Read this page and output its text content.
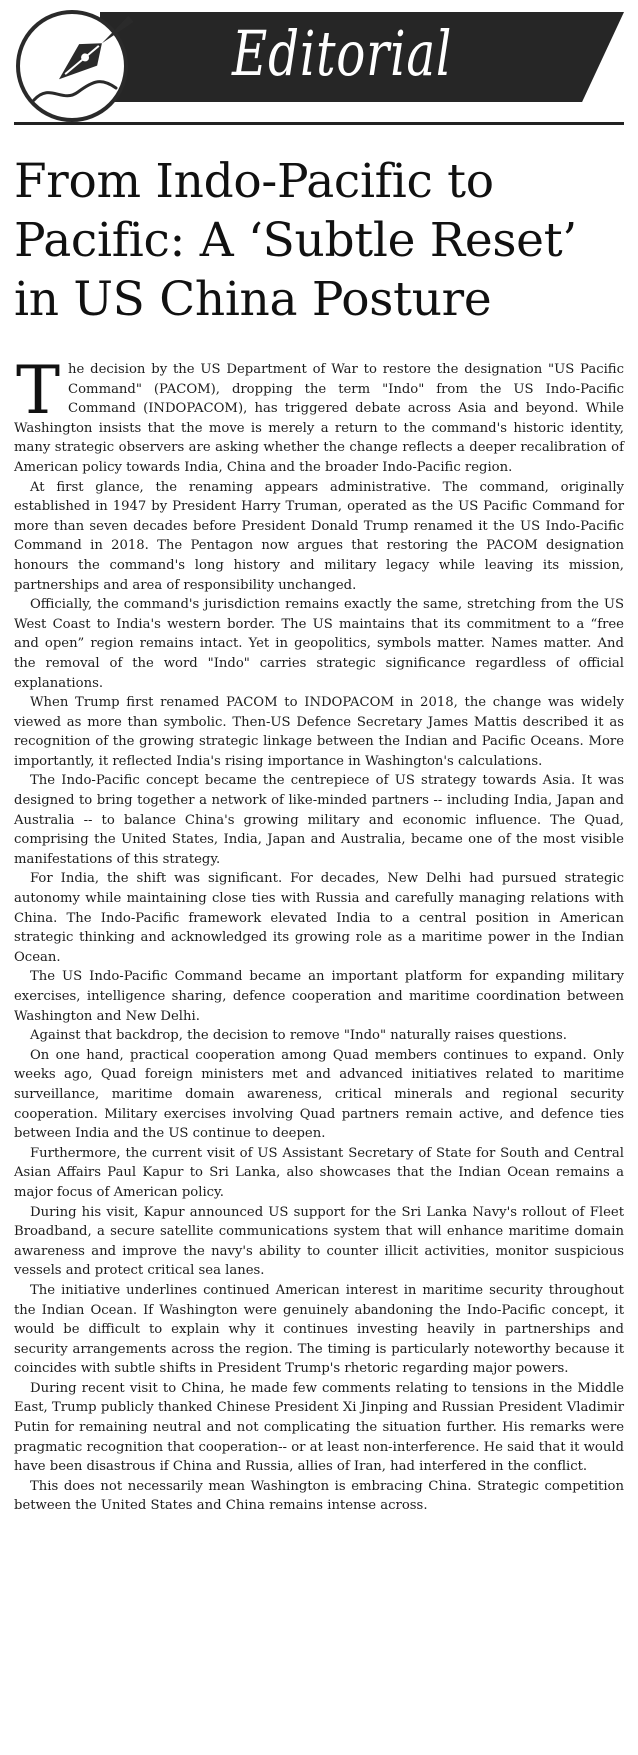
Editorial
From Indo-Pacific to
Pacific: A ‘Subtle Reset’
in US China Posture

The decision by the US Department of War to restore the designation "US Pacific Command" (PACOM), dropping the term "Indo" from the US Indo-Pacific Command (INDOPACOM), has triggered debate across Asia and beyond. While Washington insists that the move is merely a return to the command's historic identity, many strategic observers are asking whether the change reflects a deeper recalibration of American policy towards India, China and the broader Indo-Pacific region.

At first glance, the renaming appears administrative. The command, originally established in 1947 by President Harry Truman, operated as the US Pacific Command for more than seven decades before President Donald Trump renamed it the US Indo-Pacific Command in 2018. The Pentagon now argues that restoring the PACOM designation honours the command's long history and military legacy while leaving its mission, partnerships and area of responsibility unchanged.

Officially, the command's jurisdiction remains exactly the same, stretching from the US West Coast to India's western border. The US maintains that its commitment to a “free and open” region remains intact. Yet in geopolitics, symbols matter. Names matter. And the removal of the word "Indo" carries strategic significance regardless of official explanations.

When Trump first renamed PACOM to INDOPACOM in 2018, the change was widely viewed as more than symbolic. Then-US Defence Secretary James Mattis described it as recognition of the growing strategic linkage between the Indian and Pacific Oceans. More importantly, it reflected India's rising importance in Washington's calculations.

The Indo-Pacific concept became the centrepiece of US strategy towards Asia. It was designed to bring together a network of like-minded partners -- including India, Japan and Australia -- to balance China's growing military and economic influence. The Quad, comprising the United States, India, Japan and Australia, became one of the most visible manifestations of this strategy.

For India, the shift was significant. For decades, New Delhi had pursued strategic autonomy while maintaining close ties with Russia and carefully managing relations with China. The Indo-Pacific framework elevated India to a central position in American strategic thinking and acknowledged its growing role as a maritime power in the Indian Ocean.

The US Indo-Pacific Command became an important platform for expanding military exercises, intelligence sharing, defence cooperation and maritime coordination between Washington and New Delhi.

Against that backdrop, the decision to remove "Indo" naturally raises questions.

On one hand, practical cooperation among Quad members continues to expand. Only weeks ago, Quad foreign ministers met and advanced initiatives related to maritime surveillance, maritime domain awareness, critical minerals and regional security cooperation. Military exercises involving Quad partners remain active, and defence ties between India and the US continue to deepen.

Furthermore, the current visit of US Assistant Secretary of State for South and Central Asian Affairs Paul Kapur to Sri Lanka, also showcases that the Indian Ocean remains a major focus of American policy.

During his visit, Kapur announced US support for the Sri Lanka Navy's rollout of Fleet Broadband, a secure satellite communications system that will enhance maritime domain awareness and improve the navy's ability to counter illicit activities, monitor suspicious vessels and protect critical sea lanes.

The initiative underlines continued American interest in maritime security throughout the Indian Ocean. If Washington were genuinely abandoning the Indo-Pacific concept, it would be difficult to explain why it continues investing heavily in partnerships and security arrangements across the region. The timing is particularly noteworthy because it coincides with subtle shifts in President Trump's rhetoric regarding major powers.

During recent visit to China, he made few comments relating to tensions in the Middle East, Trump publicly thanked Chinese President Xi Jinping and Russian President Vladimir Putin for remaining neutral and not complicating the situation further. His remarks were pragmatic recognition that cooperation-- or at least non-interference. He said that it would have been disastrous if China and Russia, allies of Iran, had interfered in the conflict.

This does not necessarily mean Washington is embracing China. Strategic competition between the United States and China remains intense across.
